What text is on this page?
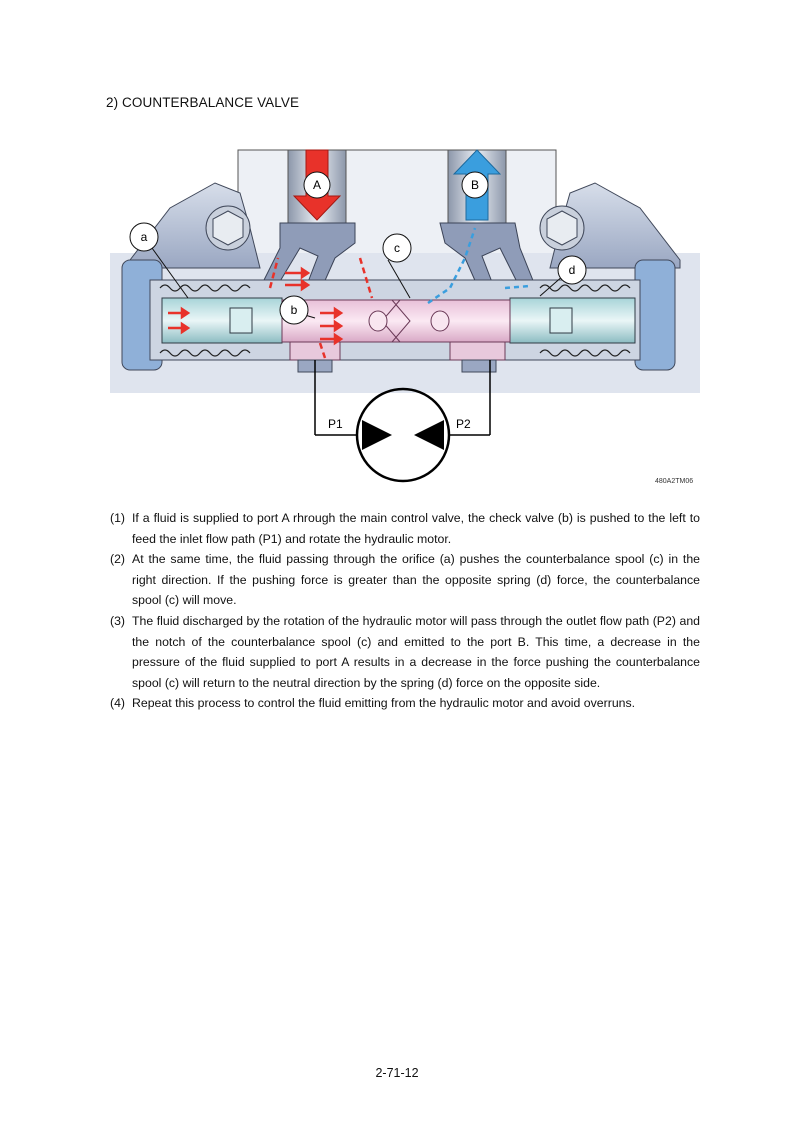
2) COUNTERBALANCE VALVE
a
c
b
d
A	B
P1	P2
480A2TM06
(1) If a fluid is supplied to port A rhrough the main control valve, the check valve (b) is pushed to the left to feed the inlet flow path (P1) and rotate the hydraulic motor.
(2) At the same time, the fluid passing through the orifice (a) pushes the counterbalance spool (c) in the right direction. If the pushing force is greater than the opposite spring (d) force, the counterbalance spool (c) will move.
(3) The fluid discharged by the rotation of the hydraulic motor will pass through the outlet flow path (P2) and the notch of the counterbalance spool (c) and emitted to the port B. This time, a decrease in the pressure of the fluid supplied to port A results in a decrease in the force pushing the counterbalance spool (c) will return to the neutral direction by the spring (d) force on the opposite side.
(4) Repeat this process to control the fluid emitting from the hydraulic motor and avoid overruns.
2-71-12
